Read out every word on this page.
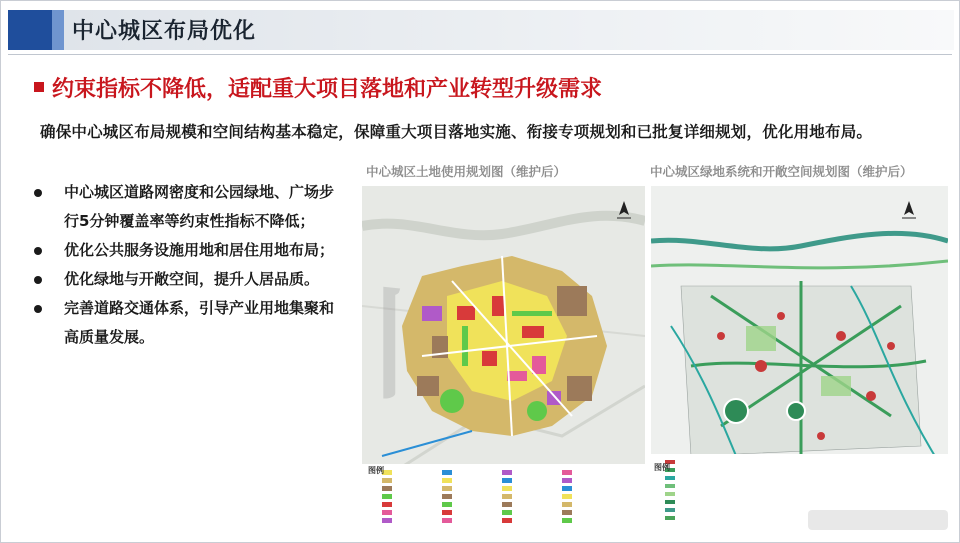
中心城区布局优化
约束指标不降低，适配重大项目落地和产业转型升级需求
确保中心城区布局规模和空间结构基本稳定，保障重大项目落地实施、衔接专项规划和已批复详细规划，优化用地布局。
中心城区道路网密度和公园绿地、广场步行5分钟覆盖率等约束性指标不降低；
优化公共服务设施用地和居住用地布局；
优化绿地与开敞空间，提升人居品质。
完善道路交通体系，引导产业用地集聚和高质量发展。
中心城区土地使用规划图（维护后）	中心城区绿地系统和开敞空间规划图（维护后）
图例	图例
丨
